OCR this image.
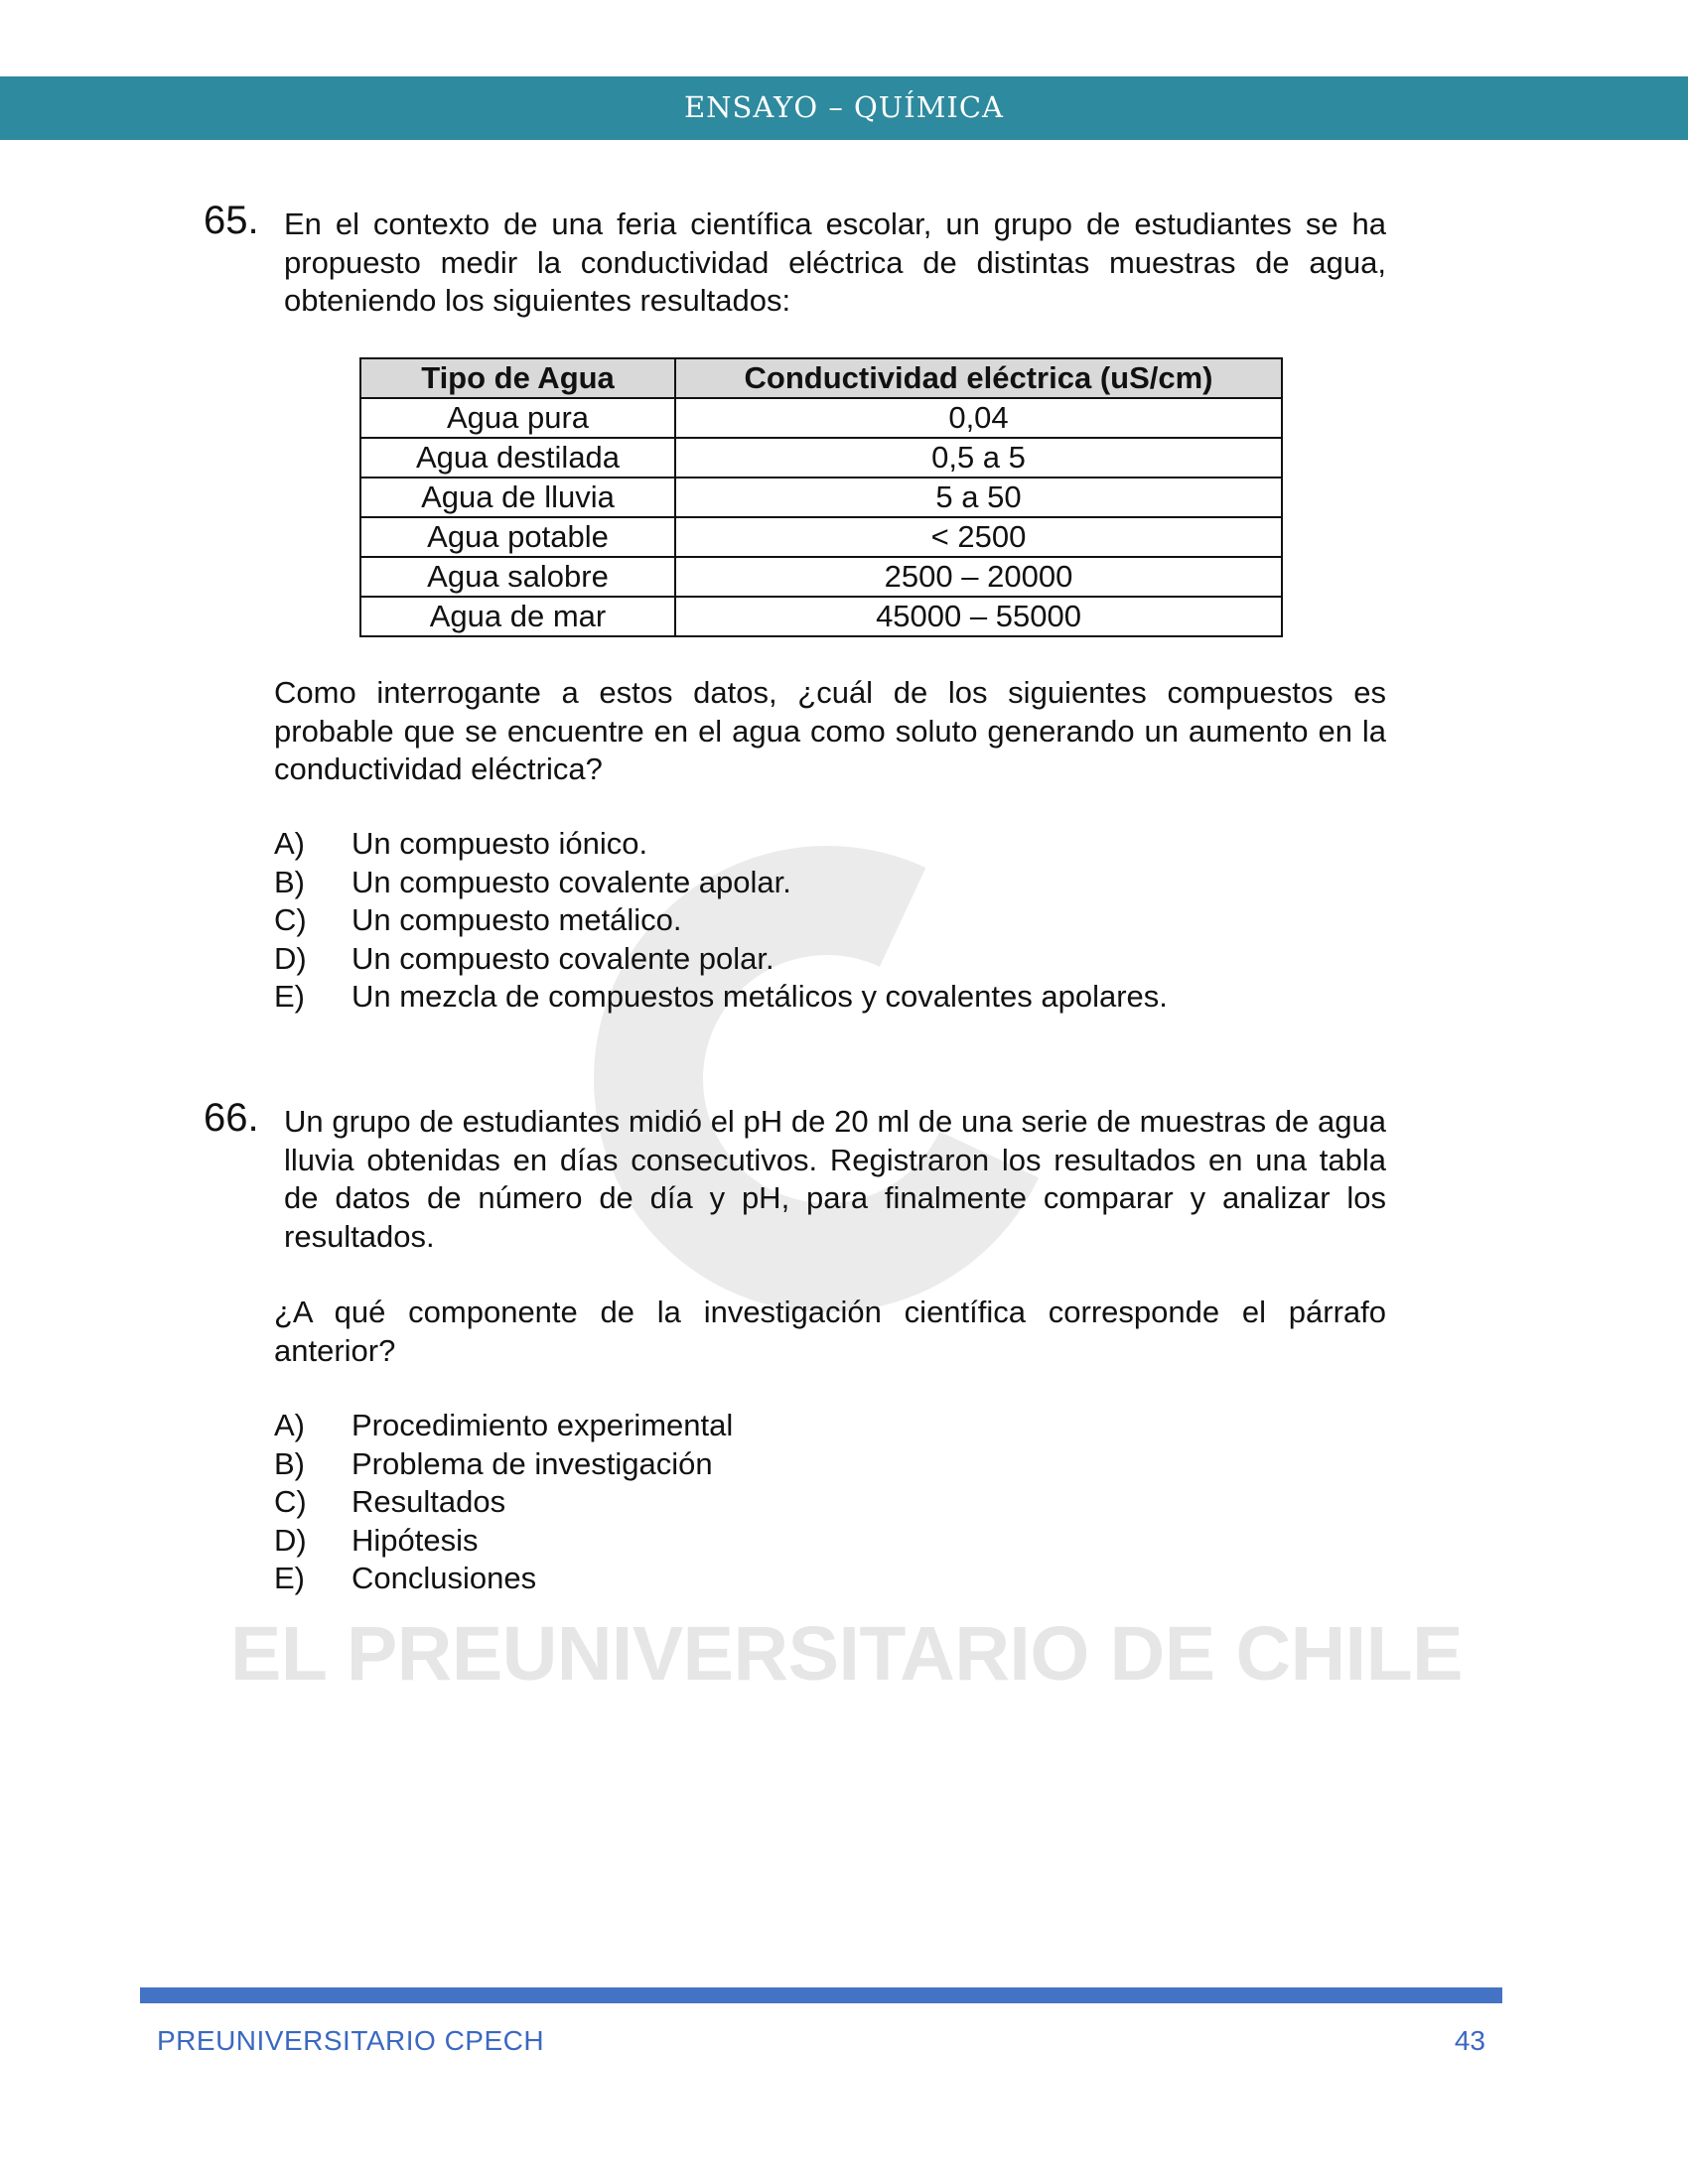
EL PREUNIVERSITARIO DE CHILE
ENSAYO – QUÍMICA
65. En el contexto de una feria científica escolar, un grupo de estudiantes se ha propuesto medir la conductividad eléctrica de distintas muestras de agua, obteniendo los siguientes resultados:
Tipo de Agua	Conductividad eléctrica (uS/cm)
Agua pura	0,04
Agua destilada	0,5 a 5
Agua de lluvia	5 a 50
Agua potable	< 2500
Agua salobre	2500 – 20000
Agua de mar	45000 – 55000
Como interrogante a estos datos, ¿cuál de los siguientes compuestos es probable que se encuentre en el agua como soluto generando un aumento en la conductividad eléctrica?
A)	Un compuesto iónico.
B)	Un compuesto covalente apolar.
C)	Un compuesto metálico.
D)	Un compuesto covalente polar.
E)	Un mezcla de compuestos metálicos y covalentes apolares.
66. Un grupo de estudiantes midió el pH de 20 ml de una serie de muestras de agua lluvia obtenidas en días consecutivos. Registraron los resultados en una tabla de datos de número de día y pH, para finalmente comparar y analizar los resultados.
¿A qué componente de la investigación científica corresponde el párrafo anterior?
A)	Procedimiento experimental
B)	Problema de investigación
C)	Resultados
D)	Hipótesis
E)	Conclusiones
PREUNIVERSITARIO CPECH	43
